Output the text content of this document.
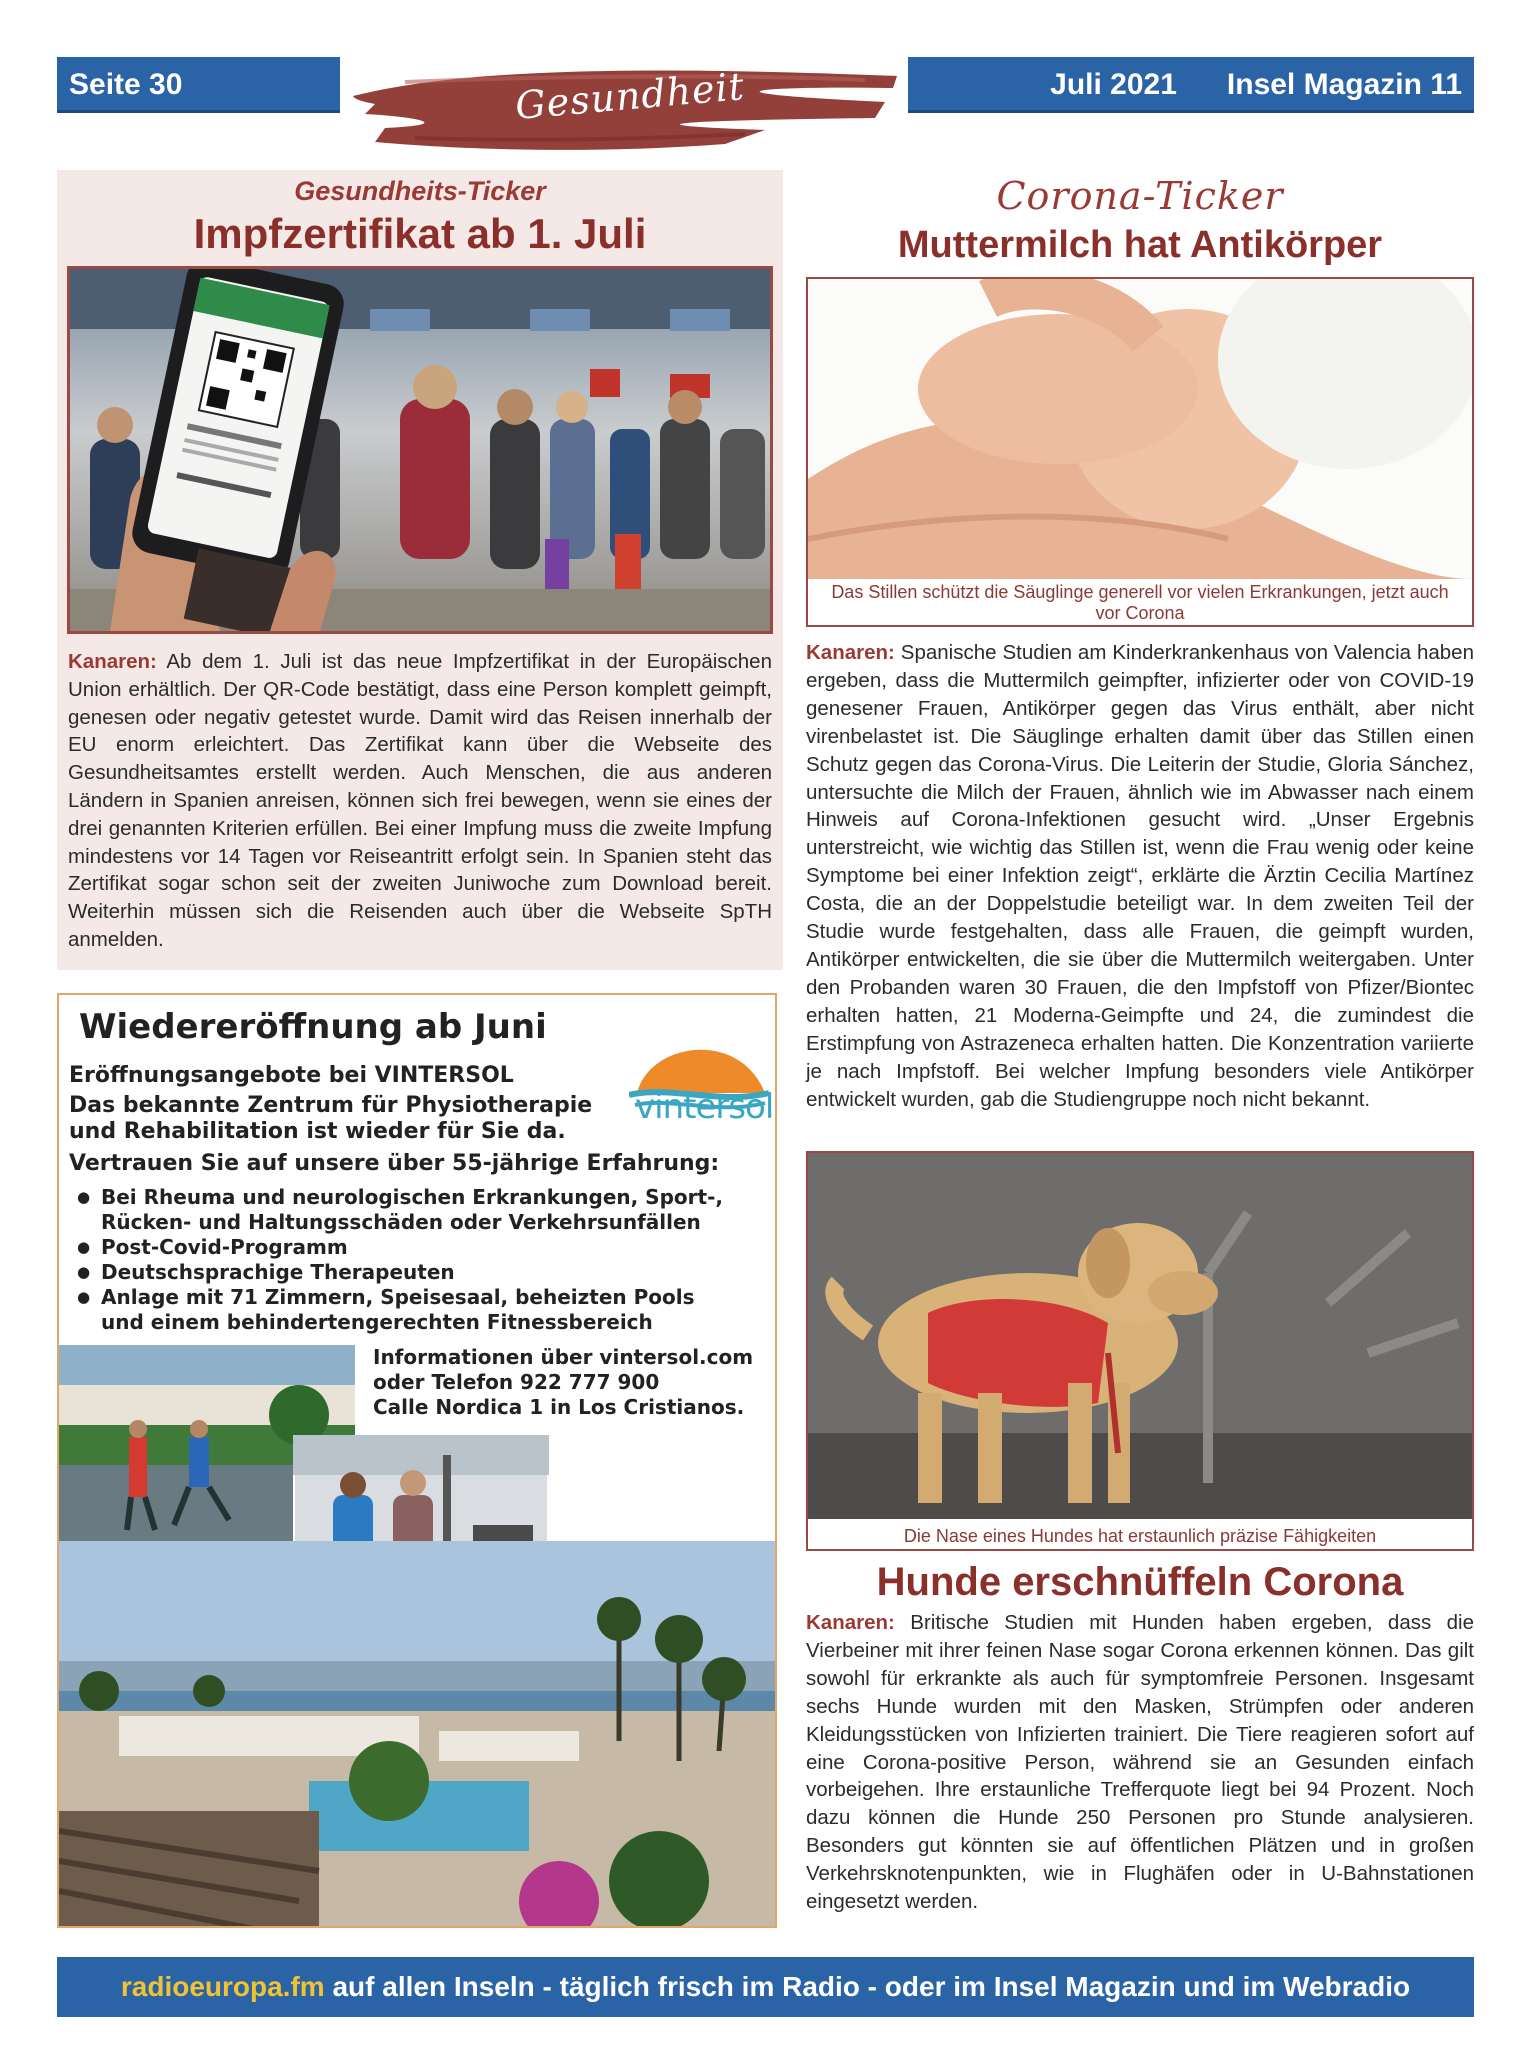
Seite 30	Gesundheit	Juli 2021 Insel Magazin 11
Gesundheits-Ticker
Impfzertifikat ab 1. Juli
Kanaren: Ab dem 1. Juli ist das neue Impfzertifikat in der Europäischen Union erhältlich. Der QR-Code bestätigt, dass eine Person komplett geimpft, genesen oder negativ getestet wurde. Damit wird das Reisen innerhalb der EU enorm erleichtert. Das Zertifikat kann über die Webseite des Gesundheitsamtes erstellt werden. Auch Menschen, die aus anderen Ländern in Spanien anreisen, können sich frei bewegen, wenn sie eines der drei genannten Kriterien erfüllen. Bei einer Impfung muss die zweite Impfung mindestens vor 14 Tagen vor Reiseantritt erfolgt sein. In Spanien steht das Zertifikat sogar schon seit der zweiten Juniwoche zum Download bereit. Weiterhin müssen sich die Reisenden auch über die Webseite SpTH anmelden.
Wiedereröffnung ab Juni
vintersol
Eröffnungsangebote bei VINTERSOL
Das bekannte Zentrum für Physiotherapie
und Rehabilitation ist wieder für Sie da.
Vertrauen Sie auf unsere über 55-jährige Erfahrung:
● Bei Rheuma und neurologischen Erkrankungen, Sport-,
Rücken- und Haltungsschäden oder Verkehrsunfällen
● Post-Covid-Programm
● Deutschsprachige Therapeuten
● Anlage mit 71 Zimmern, Speisesaal, beheizten Pools
und einem behindertengerechten Fitnessbereich
Informationen über vintersol.com
oder Telefon 922 777 900
Calle Nordica 1 in Los Cristianos.
Corona-Ticker
Muttermilch hat Antikörper
Das Stillen schützt die Säuglinge generell vor vielen Erkrankungen, jetzt auch vor Corona
Kanaren: Spanische Studien am Kinderkrankenhaus von Valencia haben ergeben, dass die Muttermilch geimpfter, infizierter oder von COVID-19 genesener Frauen, Antikörper gegen das Virus enthält, aber nicht virenbelastet ist. Die Säuglinge erhalten damit über das Stillen einen Schutz gegen das Corona-Virus. Die Leiterin der Studie, Gloria Sánchez, untersuchte die Milch der Frauen, ähnlich wie im Abwasser nach einem Hinweis auf Corona-Infektionen gesucht wird. „Unser Ergebnis unterstreicht, wie wichtig das Stillen ist, wenn die Frau wenig oder keine Symptome bei einer Infektion zeigt“, erklärte die Ärztin Cecilia Martínez Costa, die an der Doppelstudie beteiligt war. In dem zweiten Teil der Studie wurde festgehalten, dass alle Frauen, die geimpft wurden, Antikörper entwickelten, die sie über die Muttermilch weitergaben. Unter den Probanden waren 30 Frauen, die den Impfstoff von Pfizer/Biontec erhalten hatten, 21 Moderna-Geimpfte und 24, die zumindest die Erstimpfung von Astrazeneca erhalten hatten. Die Konzentration variierte je nach Impfstoff. Bei welcher Impfung besonders viele Antikörper entwickelt wurden, gab die Studiengruppe noch nicht bekannt.
Die Nase eines Hundes hat erstaunlich präzise Fähigkeiten
Hunde erschnüffeln Corona
Kanaren: Britische Studien mit Hunden haben ergeben, dass die Vierbeiner mit ihrer feinen Nase sogar Corona erkennen können. Das gilt sowohl für erkrankte als auch für symptomfreie Personen. Insgesamt sechs Hunde wurden mit den Masken, Strümpfen oder anderen Kleidungsstücken von Infizierten trainiert. Die Tiere reagieren sofort auf eine Corona-positive Person, während sie an Gesunden einfach vorbeigehen. Ihre erstaunliche Trefferquote liegt bei 94 Prozent. Noch dazu können die Hunde 250 Personen pro Stunde analysieren. Besonders gut könnten sie auf öffentlichen Plätzen und in großen Verkehrsknotenpunkten, wie in Flughäfen oder in U-Bahnstationen eingesetzt werden.
radioeuropa.fm auf allen Inseln - täglich frisch im Radio - oder im Insel Magazin und im Webradio
